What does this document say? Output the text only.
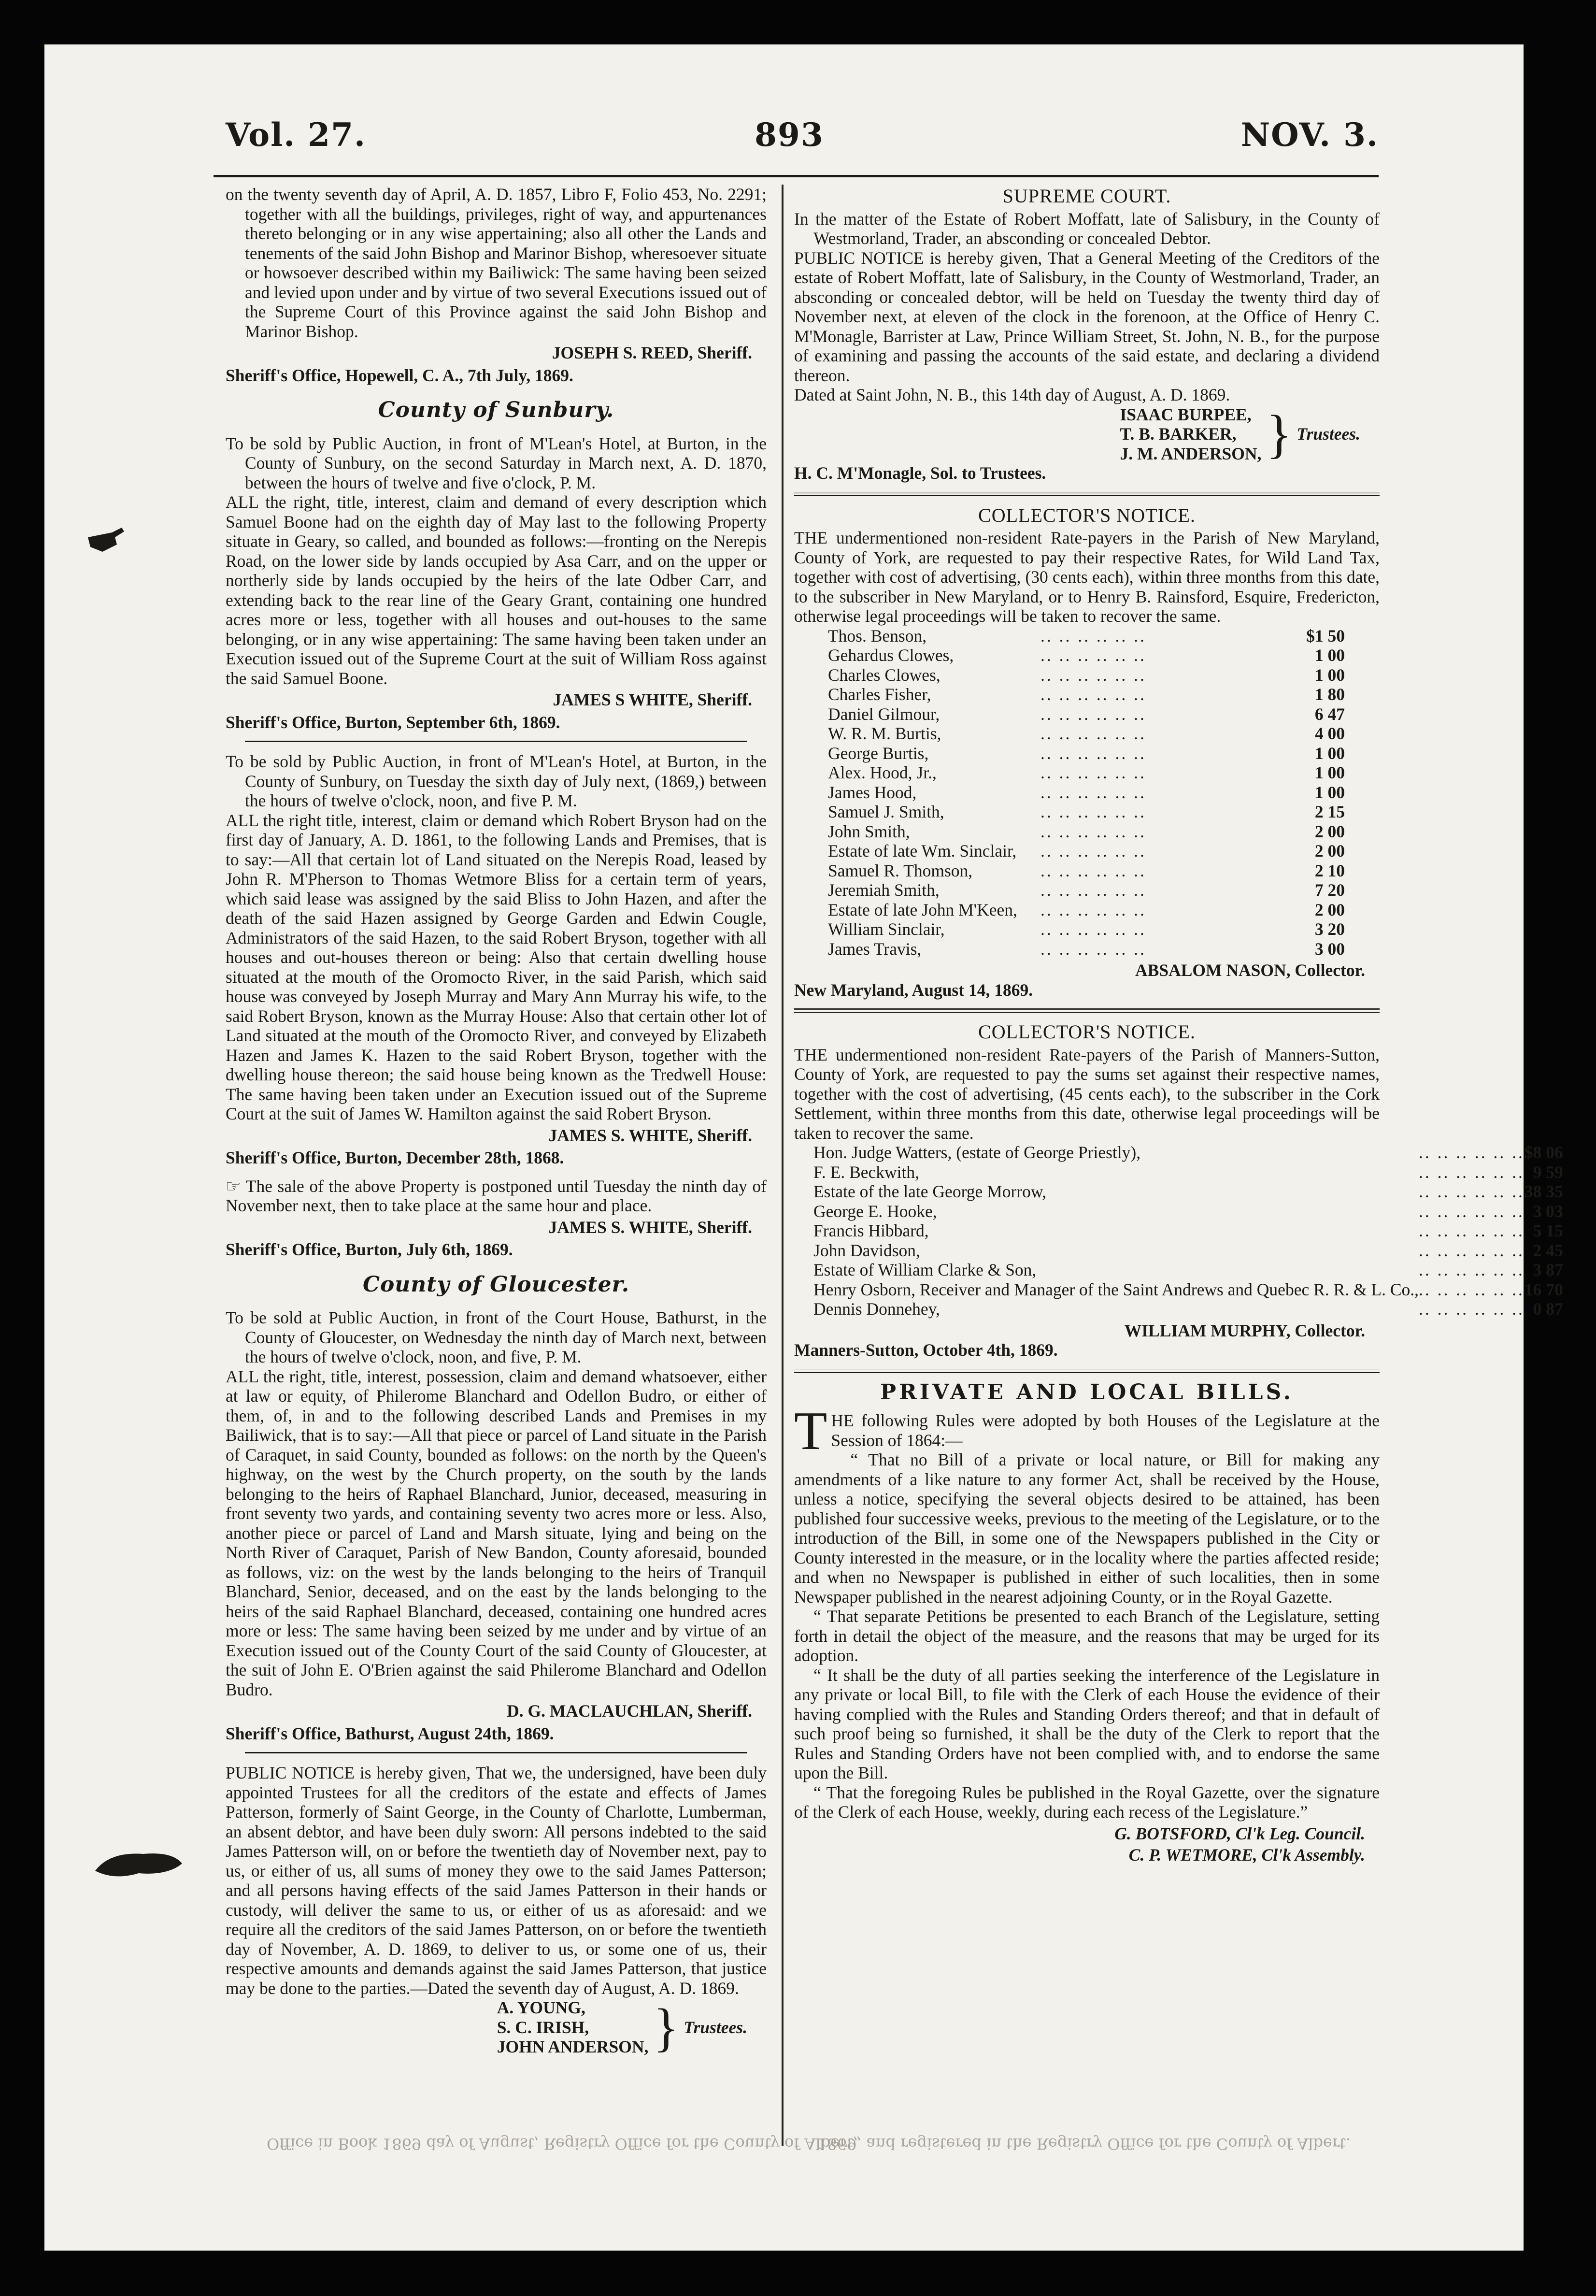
Vol. 27.	893	NOV. 3.

on the twenty seventh day of April, A. D. 1857, Libro F, Folio 453, No. 2291; together with all the buildings, privileges, right of way, and appurtenances thereto belonging or in any wise appertaining; also all other the Lands and tenements of the said John Bishop and Marinor Bishop, wheresoever situate or howsoever described within my Bailiwick: The same having been seized and levied upon under and by virtue of two several Executions issued out of the Supreme Court of this Province against the said John Bishop and Marinor Bishop.

JOSEPH S. REED, Sheriff.

Sheriff's Office, Hopewell, C. A., 7th July, 1869.

County of Sunbury.

To be sold by Public Auction, in front of M'Lean's Hotel, at Burton, in the County of Sunbury, on the second Saturday in March next, A. D. 1870, between the hours of twelve and five o'clock, P. M.

ALL the right, title, interest, claim and demand of every description which Samuel Boone had on the eighth day of May last to the following Property situate in Geary, so called, and bounded as follows:—fronting on the Nerepis Road, on the lower side by lands occupied by Asa Carr, and on the upper or northerly side by lands occupied by the heirs of the late Odber Carr, and extending back to the rear line of the Geary Grant, containing one hundred acres more or less, together with all houses and out-houses to the same belonging, or in any wise appertaining: The same having been taken under an Execution issued out of the Supreme Court at the suit of William Ross against the said Samuel Boone.

JAMES S WHITE, Sheriff.

Sheriff's Office, Burton, September 6th, 1869.

To be sold by Public Auction, in front of M'Lean's Hotel, at Burton, in the County of Sunbury, on Tuesday the sixth day of July next, (1869,) between the hours of twelve o'clock, noon, and five P. M.

ALL the right title, interest, claim or demand which Robert Bryson had on the first day of January, A. D. 1861, to the following Lands and Premises, that is to say:—All that certain lot of Land situated on the Nerepis Road, leased by John R. M'Pherson to Thomas Wetmore Bliss for a certain term of years, which said lease was assigned by the said Bliss to John Hazen, and after the death of the said Hazen assigned by George Garden and Edwin Cougle, Administrators of the said Hazen, to the said Robert Bryson, together with all houses and out-houses thereon or being: Also that certain dwelling house situated at the mouth of the Oromocto River, in the said Parish, which said house was conveyed by Joseph Murray and Mary Ann Murray his wife, to the said Robert Bryson, known as the Murray House: Also that certain other lot of Land situated at the mouth of the Oromocto River, and conveyed by Elizabeth Hazen and James K. Hazen to the said Robert Bryson, together with the dwelling house thereon; the said house being known as the Tredwell House: The same having been taken under an Execution issued out of the Supreme Court at the suit of James W. Hamilton against the said Robert Bryson.

JAMES S. WHITE, Sheriff.

Sheriff's Office, Burton, December 28th, 1868.

☞ The sale of the above Property is postponed until Tuesday the ninth day of November next, then to take place at the same hour and place.

JAMES S. WHITE, Sheriff.

Sheriff's Office, Burton, July 6th, 1869.

County of Gloucester.

To be sold at Public Auction, in front of the Court House, Bathurst, in the County of Gloucester, on Wednesday the ninth day of March next, between the hours of twelve o'clock, noon, and five, P. M.

ALL the right, title, interest, possession, claim and demand whatsoever, either at law or equity, of Philerome Blanchard and Odellon Budro, or either of them, of, in and to the following described Lands and Premises in my Bailiwick, that is to say:—All that piece or parcel of Land situate in the Parish of Caraquet, in said County, bounded as follows: on the north by the Queen's highway, on the west by the Church property, on the south by the lands belonging to the heirs of Raphael Blanchard, Junior, deceased, measuring in front seventy two yards, and containing seventy two acres more or less. Also, another piece or parcel of Land and Marsh situate, lying and being on the North River of Caraquet, Parish of New Bandon, County aforesaid, bounded as follows, viz: on the west by the lands belonging to the heirs of Tranquil Blanchard, Senior, deceased, and on the east by the lands belonging to the heirs of the said Raphael Blanchard, deceased, containing one hundred acres more or less: The same having been seized by me under and by virtue of an Execution issued out of the County Court of the said County of Gloucester, at the suit of John E. O'Brien against the said Philerome Blanchard and Odellon Budro.

D. G. MACLAUCHLAN, Sheriff.

Sheriff's Office, Bathurst, August 24th, 1869.

PUBLIC NOTICE is hereby given, That we, the undersigned, have been duly appointed Trustees for all the creditors of the estate and effects of James Patterson, formerly of Saint George, in the County of Charlotte, Lumberman, an absent debtor, and have been duly sworn: All persons indebted to the said James Patterson will, on or before the twentieth day of November next, pay to us, or either of us, all sums of money they owe to the said James Patterson; and all persons having effects of the said James Patterson in their hands or custody, will deliver the same to us, or either of us as aforesaid: and we require all the creditors of the said James Patterson, on or before the twentieth day of November, A. D. 1869, to deliver to us, or some one of us, their respective amounts and demands against the said James Patterson, that justice may be done to the parties.—Dated the seventh day of August, A. D. 1869.

A. YOUNG,
S. C. IRISH,
JOHN ANDERSON, } Trustees.

SUPREME COURT.

In the matter of the Estate of Robert Moffatt, late of Salisbury, in the County of Westmorland, Trader, an absconding or concealed Debtor.

PUBLIC NOTICE is hereby given, That a General Meeting of the Creditors of the estate of Robert Moffatt, late of Salisbury, in the County of Westmorland, Trader, an absconding or concealed debtor, will be held on Tuesday the twenty third day of November next, at eleven of the clock in the forenoon, at the Office of Henry C. M'Monagle, Barrister at Law, Prince William Street, St. John, N. B., for the purpose of examining and passing the accounts of the said estate, and declaring a dividend thereon.

Dated at Saint John, N. B., this 14th day of August, A. D. 1869.

ISAAC BURPEE,
T. B. BARKER,
J. M. ANDERSON, } Trustees.

H. C. M'Monagle, Sol. to Trustees.

COLLECTOR'S NOTICE.

THE undermentioned non-resident Rate-payers in the Parish of New Maryland, County of York, are requested to pay their respective Rates, for Wild Land Tax, together with cost of advertising, (30 cents each), within three months from this date, to the subscriber in New Maryland, or to Henry B. Rainsford, Esquire, Fredericton, otherwise legal proceedings will be taken to recover the same.

Thos. Benson,	.. .. .. .. .. ..	$1 50
Gehardus Clowes,	.. .. .. .. .. ..	1 00
Charles Clowes,	.. .. .. .. .. ..	1 00
Charles Fisher,	.. .. .. .. .. ..	1 80
Daniel Gilmour,	.. .. .. .. .. ..	6 47
W. R. M. Burtis,	.. .. .. .. .. ..	4 00
George Burtis,	.. .. .. .. .. ..	1 00
Alex. Hood, Jr.,	.. .. .. .. .. ..	1 00
James Hood,	.. .. .. .. .. ..	1 00
Samuel J. Smith,	.. .. .. .. .. ..	2 15
John Smith,	.. .. .. .. .. ..	2 00
Estate of late Wm. Sinclair,	.. .. .. .. .. ..	2 00
Samuel R. Thomson,	.. .. .. .. .. ..	2 10
Jeremiah Smith,	.. .. .. .. .. ..	7 20
Estate of late John M'Keen,	.. .. .. .. .. ..	2 00
William Sinclair,	.. .. .. .. .. ..	3 20
James Travis,	.. .. .. .. .. ..	3 00

ABSALOM NASON, Collector.

New Maryland, August 14, 1869.

COLLECTOR'S NOTICE.

THE undermentioned non-resident Rate-payers of the Parish of Manners-Sutton, County of York, are requested to pay the sums set against their respective names, together with the cost of advertising, (45 cents each), to the subscriber in the Cork Settlement, within three months from this date, otherwise legal proceedings will be taken to recover the same.

Hon. Judge Watters, (estate of George Priestly),	.. .. .. .. .. ..	$8 06
F. E. Beckwith,	.. .. .. .. .. ..	9 59
Estate of the late George Morrow,	.. .. .. .. .. ..	38 35
George E. Hooke,	.. .. .. .. .. ..	3 03
Francis Hibbard,	.. .. .. .. .. ..	5 15
John Davidson,	.. .. .. .. .. ..	2 45
Estate of William Clarke & Son,	.. .. .. .. .. ..	3 87
Henry Osborn, Receiver and Manager of the Saint Andrews and Quebec R. R. & L. Co.,	.. .. .. .. .. ..	16 70
Dennis Donnehey,	.. .. .. .. .. ..	0 87

WILLIAM MURPHY, Collector.

Manners-Sutton, October 4th, 1869.

PRIVATE AND LOCAL BILLS.

THE following Rules were adopted by both Houses of the Legislature at the Session of 1864:—

“ That no Bill of a private or local nature, or Bill for making any amendments of a like nature to any former Act, shall be received by the House, unless a notice, specifying the several objects desired to be attained, has been published four successive weeks, previous to the meeting of the Legislature, or to the introduction of the Bill, in some one of the Newspapers published in the City or County interested in the measure, or in the locality where the parties affected reside; and when no Newspaper is published in either of such localities, then in some Newspaper published in the nearest adjoining County, or in the Royal Gazette.

“ That separate Petitions be presented to each Branch of the Legislature, setting forth in detail the object of the measure, and the reasons that may be urged for its adoption.

“ It shall be the duty of all parties seeking the interference of the Legislature in any private or local Bill, to file with the Clerk of each House the evidence of their having complied with the Rules and Standing Orders thereof; and that in default of such proof being so furnished, it shall be the duty of the Clerk to report that the Rules and Standing Orders have not been complied with, and to endorse the same upon the Bill.

“ That the foregoing Rules be published in the Royal Gazette, over the signature of the Clerk of each House, weekly, during each recess of the Legislature.”

G. BOTSFORD, Cl'k Leg. Council.

C. P. WETMORE, Cl'k Assembly.

Office in Book 1869 day of August, Registry Office for the County of Albert,
1869, and registered in the Registry Office for the County of Albert.
